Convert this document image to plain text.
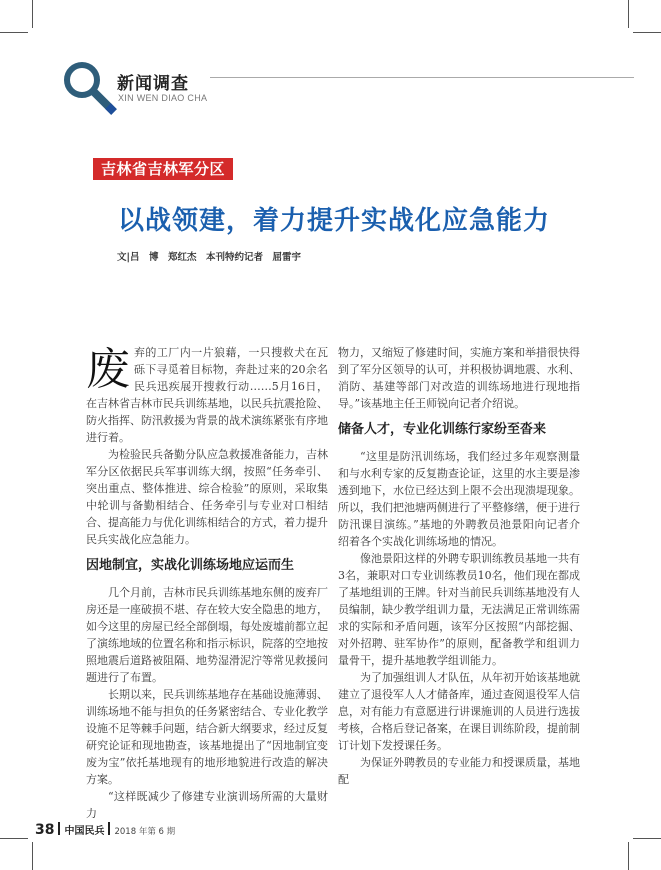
新闻调查
XIN WEN DIAO CHA
吉林省吉林军分区
以战领建，着力提升实战化应急能力
文|吕　博　郑红杰　本刊特约记者　屈雷宇

废弃的工厂内一片狼藉，一只搜救犬在瓦砾下寻觅着目标物，奔赴过来的20余名民兵迅疾展开搜救行动……5月16日，在吉林省吉林市民兵训练基地，以民兵抗震抢险、防火指挥、防汛救援为背景的战术演练紧张有序地进行着。

为检验民兵备勤分队应急救援准备能力，吉林军分区依据民兵军事训练大纲，按照“任务牵引、突出重点、整体推进、综合检验”的原则，采取集中轮训与备勤相结合、任务牵引与专业对口相结合、提高能力与优化训练相结合的方式，着力提升民兵实战化应急能力。

因地制宜，实战化训练场地应运而生

几个月前，吉林市民兵训练基地东侧的废弃厂房还是一座破损不堪、存在较大安全隐患的地方，如今这里的房屋已经全部倒塌，每处废墟前都立起了演练地域的位置名称和指示标识，院落的空地按照地震后道路被阻隔、地势湿滑泥泞等常见救援问题进行了布置。

长期以来，民兵训练基地存在基础设施薄弱、训练场地不能与担负的任务紧密结合、专业化教学设施不足等棘手问题，结合新大纲要求，经过反复研究论证和现地勘查，该基地提出了“因地制宜变废为宝”依托基地现有的地形地貌进行改造的解决方案。

“这样既减少了修建专业演训场所需的大量财力

物力，又缩短了修建时间，实施方案和举措很快得到了军分区领导的认可，并积极协调地震、水利、消防、基建等部门对改造的训练场地进行现地指导。”该基地主任王师锐向记者介绍说。

储备人才，专业化训练行家纷至沓来

“这里是防汛训练场，我们经过多年观察测量和与水利专家的反复勘查论证，这里的水主要是渗透到地下，水位已经达到上限不会出现溃堤现象。所以，我们把池塘两侧进行了平整修缮，便于进行防汛课目演练。”基地的外聘教员池景阳向记者介绍着各个实战化训练场地的情况。

像池景阳这样的外聘专职训练教员基地一共有3名，兼职对口专业训练教员10名，他们现在都成了基地组训的王牌。针对当前民兵训练基地没有人员编制，缺少教学组训力量，无法满足正常训练需求的实际和矛盾问题，该军分区按照“内部挖掘、对外招聘、驻军协作”的原则，配备教学和组训力量骨干，提升基地教学组训能力。

为了加强组训人才队伍，从年初开始该基地就建立了退役军人人才储备库，通过查阅退役军人信息，对有能力有意愿进行讲课施训的人员进行选拔考核，合格后登记备案，在课目训练阶段，提前制订计划下发授课任务。

为保证外聘教员的专业能力和授课质量，基地配

38 中国民兵 2018 年第 6 期
